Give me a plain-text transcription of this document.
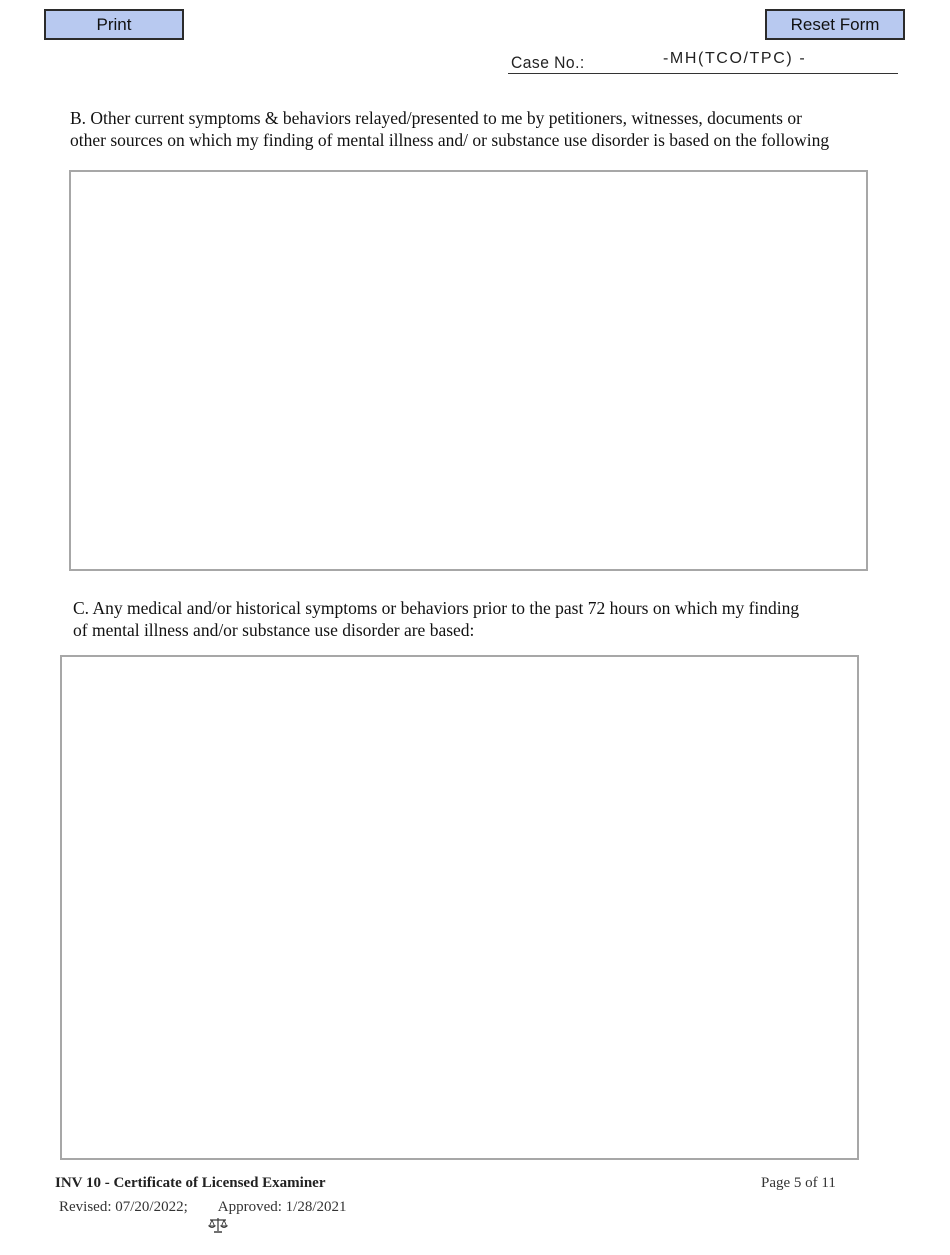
Print	Reset Form
Case No.:	-MH(TCO/TPC) -

B. Other current symptoms & behaviors relayed/presented to me by petitioners, witnesses, documents or
other sources on which my finding of mental illness and/ or substance use disorder is based on the following

C. Any medical and/or historical symptoms or behaviors prior to the past 72 hours on which my finding
of mental illness and/or substance use disorder are based:

INV 10 - Certificate of Licensed Examiner	Page 5 of 11
Revised: 07/20/2022;

Approved: 1/28/2021
